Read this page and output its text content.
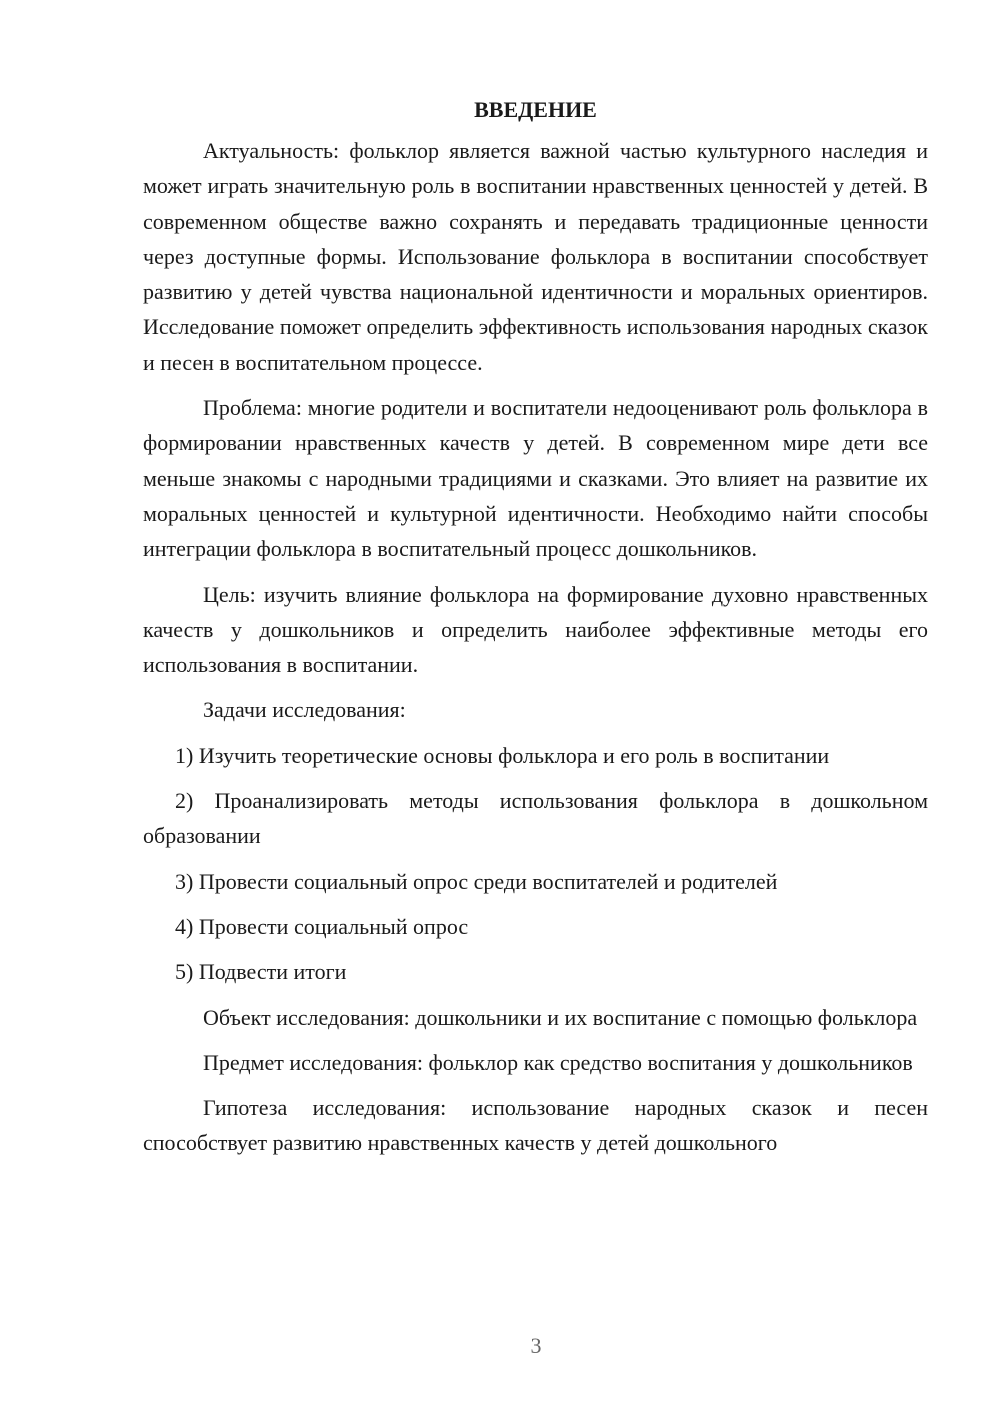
ВВЕДЕНИЕ

Актуальность: фольклор является важной частью культурного наследия и может играть значительную роль в воспитании нравственных ценностей у детей. В современном обществе важно сохранять и передавать традиционные ценности через доступные формы. Использование фольклора в воспитании способствует развитию у детей чувства национальной идентичности и моральных ориентиров. Исследование поможет определить эффективность использования народных сказок и песен в воспитательном процессе.

Проблема: многие родители и воспитатели недооценивают роль фольклора в формировании нравственных качеств у детей. В современном мире дети все меньше знакомы с народными традициями и сказками. Это влияет на развитие их моральных ценностей и культурной идентичности. Необходимо найти способы интеграции фольклора в воспитательный процесс дошкольников.

Цель: изучить влияние фольклора на формирование духовно нравственных качеств у дошкольников и определить наиболее эффективные методы его использования в воспитании.

Задачи исследования:

1) Изучить теоретические основы фольклора и его роль в воспитании

2) Проанализировать методы использования фольклора в дошкольном образовании

3) Провести социальный опрос среди воспитателей и родителей

4) Провести социальный опрос

5) Подвести итоги

Объект исследования: дошкольники и их воспитание с помощью фольклора

Предмет исследования: фольклор как средство воспитания у дошкольников

Гипотеза исследования: использование народных сказок и песен способствует развитию нравственных качеств у детей дошкольного

3
